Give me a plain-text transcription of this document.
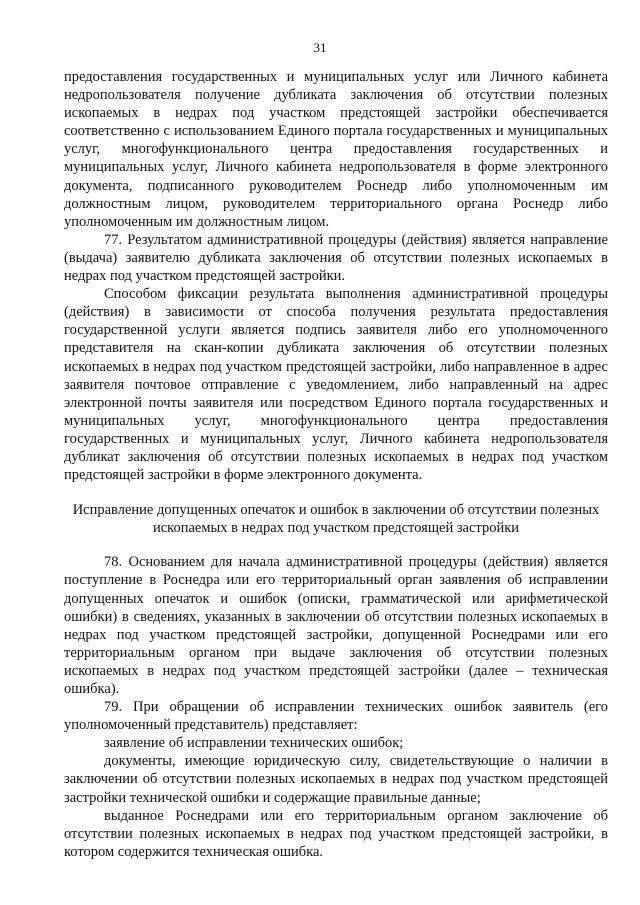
31

предоставления государственных и муниципальных услуг или Личного кабинета недропользователя получение дубликата заключения об отсутствии полезных ископаемых в недрах под участком предстоящей застройки обеспечивается соответственно с использованием Единого портала государственных и муниципальных услуг, многофункционального центра предоставления государственных и муниципальных услуг, Личного кабинета недропользователя в форме электронного документа, подписанного руководителем Роснедр либо уполномоченным им должностным лицом, руководителем территориального органа Роснедр либо уполномоченным им должностным лицом.

77. Результатом административной процедуры (действия) является направление (выдача) заявителю дубликата заключения об отсутствии полезных ископаемых в недрах под участком предстоящей застройки.

Способом фиксации результата выполнения административной процедуры (действия) в зависимости от способа получения результата предоставления государственной услуги является подпись заявителя либо его уполномоченного представителя на скан-копии дубликата заключения об отсутствии полезных ископаемых в недрах под участком предстоящей застройки, либо направленное в адрес заявителя почтовое отправление с уведомлением, либо направленный на адрес электронной почты заявителя или посредством Единого портала государственных и муниципальных услуг, многофункционального центра предоставления государственных и муниципальных услуг, Личного кабинета недропользователя дубликат заключения об отсутствии полезных ископаемых в недрах под участком предстоящей застройки в форме электронного документа.

Исправление допущенных опечаток и ошибок в заключении об отсутствии полезных ископаемых в недрах под участком предстоящей застройки

78. Основанием для начала административной процедуры (действия) является поступление в Роснедра или его территориальный орган заявления об исправлении допущенных опечаток и ошибок (описки, грамматической или арифметической ошибки) в сведениях, указанных в заключении об отсутствии полезных ископаемых в недрах под участком предстоящей застройки, допущенной Роснедрами или его территориальным органом при выдаче заключения об отсутствии полезных ископаемых в недрах под участком предстоящей застройки (далее – техническая ошибка).

79. При обращении об исправлении технических ошибок заявитель (его уполномоченный представитель) представляет:

заявление об исправлении технических ошибок;

документы, имеющие юридическую силу, свидетельствующие о наличии в заключении об отсутствии полезных ископаемых в недрах под участком предстоящей застройки технической ошибки и содержащие правильные данные;

выданное Роснедрами или его территориальным органом заключение об отсутствии полезных ископаемых в недрах под участком предстоящей застройки, в котором содержится техническая ошибка.
